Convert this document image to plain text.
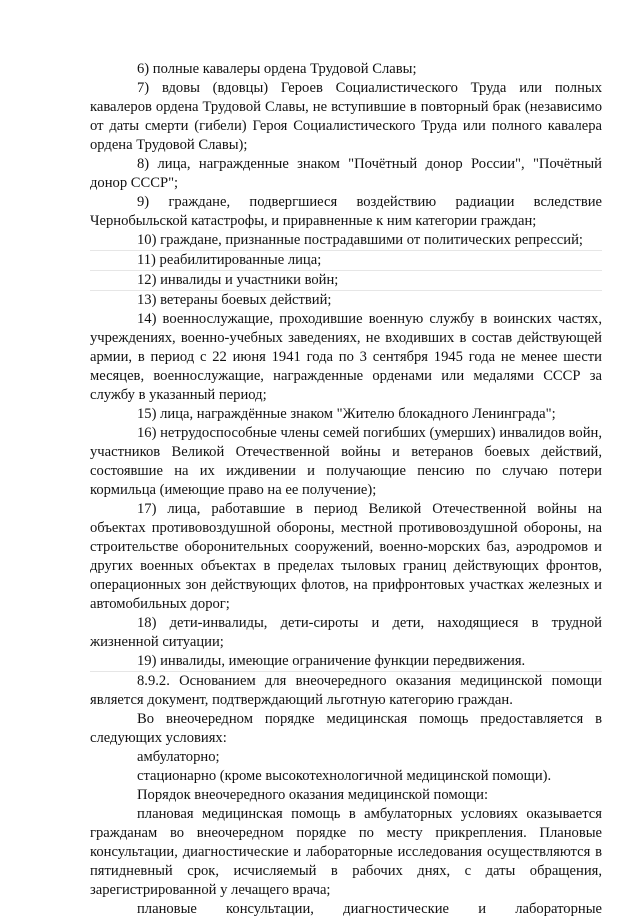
6) полные кавалеры ордена Трудовой Славы;

7) вдовы (вдовцы) Героев Социалистического Труда или полных кавалеров ордена Трудовой Славы, не вступившие в повторный брак (независимо от даты смерти (гибели) Героя Социалистического Труда или полного кавалера ордена Трудовой Славы);

8) лица, награжденные знаком "Почётный донор России", "Почётный донор СССР";

9) граждане, подвергшиеся воздействию радиации вследствие Чернобыльской катастрофы, и приравненные к ним категории граждан;

10) граждане, признанные пострадавшими от политических репрессий;

11) реабилитированные лица;

12) инвалиды и участники войн;

13) ветераны боевых действий;

14) военнослужащие, проходившие военную службу в воинских частях, учреждениях, военно-учебных заведениях, не входивших в состав действующей армии, в период с 22 июня 1941 года по 3 сентября 1945 года не менее шести месяцев, военнослужащие, награжденные орденами или медалями СССР за службу в указанный период;

15) лица, награждённые знаком "Жителю блокадного Ленинграда";

16) нетрудоспособные члены семей погибших (умерших) инвалидов войн, участников Великой Отечественной войны и ветеранов боевых действий, состоявшие на их иждивении и получающие пенсию по случаю потери кормильца (имеющие право на ее получение);

17) лица, работавшие в период Великой Отечественной войны на объектах противовоздушной обороны, местной противовоздушной обороны, на строительстве оборонительных сооружений, военно-морских баз, аэродромов и других военных объектах в пределах тыловых границ действующих фронтов, операционных зон действующих флотов, на прифронтовых участках железных и автомобильных дорог;

18) дети-инвалиды, дети-сироты и дети, находящиеся в трудной жизненной ситуации;

19) инвалиды, имеющие ограничение функции передвижения.

8.9.2. Основанием для внеочередного оказания медицинской помощи является документ, подтверждающий льготную категорию граждан.

Во внеочередном порядке медицинская помощь предоставляется в следующих условиях:

амбулаторно;

стационарно (кроме высокотехнологичной медицинской помощи).

Порядок внеочередного оказания медицинской помощи:

плановая медицинская помощь в амбулаторных условиях оказывается гражданам во внеочередном порядке по месту прикрепления. Плановые консультации, диагностические и лабораторные исследования осуществляются в пятидневный срок, исчисляемый в рабочих днях, с даты обращения, зарегистрированной у лечащего врача;

плановые консультации, диагностические и лабораторные
